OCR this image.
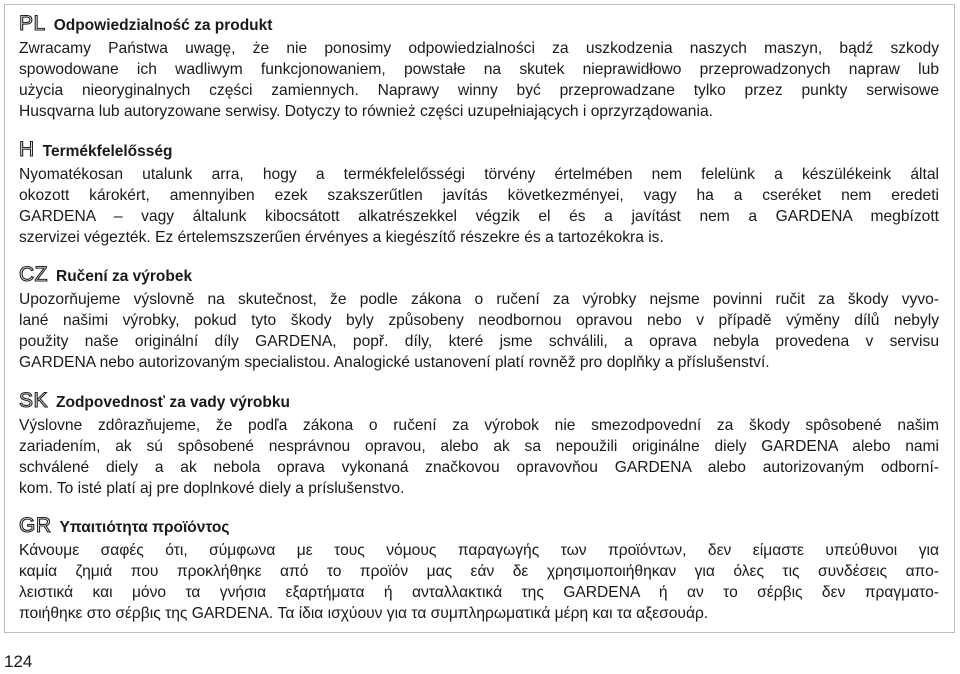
PL Odpowiedzialność za produkt
Zwracamy Państwa uwagę, że nie ponosimy odpowiedzialności za uszkodzenia naszych maszyn, bądź szkody
spowodowane ich wadliwym funkcjonowaniem, powstałe na skutek nieprawidłowo przeprowadzonych napraw lub
użycia nieoryginalnych części zamiennych. Naprawy winny być przeprowadzane tylko przez punkty serwisowe
Husqvarna lub autoryzowane serwisy. Dotyczy to również części uzupełniających i oprzyrządowania.
H Termékfelelősség
Nyomatékosan utalunk arra, hogy a termékfelelősségi törvény értelmében nem felelünk a készülékeink által
okozott károkért, amennyiben ezek szakszerűtlen javítás következményei, vagy ha a cseréket nem eredeti
GARDENA – vagy általunk kibocsátott alkatrészekkel végzik el és a javítást nem a GARDENA megbízott
szervizei végezték. Ez értelemszszerűen érvényes a kiegészítő részekre és a tartozékokra is.
CZ Ručení za výrobek
Upozorňujeme výslovně na skutečnost, že podle zákona o ručení za výrobky nejsme povinni ručit za škody vyvo-
lané našimi výrobky, pokud tyto škody byly způsobeny neodbornou opravou nebo v případě výměny dílů nebyly
použity naše originální díly GARDENA, popř. díly, které jsme schválili, a oprava nebyla provedena v servisu
GARDENA nebo autorizovaným specialistou. Analogické ustanovení platí rovněž pro doplňky a příslušenství.
SK Zodpovednosť za vady výrobku
Výslovne zdôrazňujeme, že podľa zákona o ručení za výrobok nie smezodpovední za škody spôsobené našim
zariadením, ak sú spôsobené nesprávnou opravou, alebo ak sa nepoužili originálne diely GARDENA alebo nami
schválené diely a ak nebola oprava vykonaná značkovou opravovňou GARDENA alebo autorizovaným odborní-
kom. To isté platí aj pre doplnkové diely a príslušenstvo.
GR Υπαιτιότητα προϊόντος
Κάνουμε σαφές ότι, σύμφωνα με τους νόμους παραγωγής των προϊόντων, δεν είμαστε υπεύθυνοι για
καμία ζημιά που προκλήθηκε από το προϊόν μας εάν δε χρησιμοποιήθηκαν για όλες τις συνδέσεις απο-
λειστικά και μόνο τα γνήσια εξαρτήματα ή ανταλλακτικά της GARDENA ή αν το σέρβις δεν πραγματο-
ποιήθηκε στο σέρβις της GARDENA. Τα ίδια ισχύουν για τα συμπληρωματικά μέρη και τα αξεσουάρ.
124
